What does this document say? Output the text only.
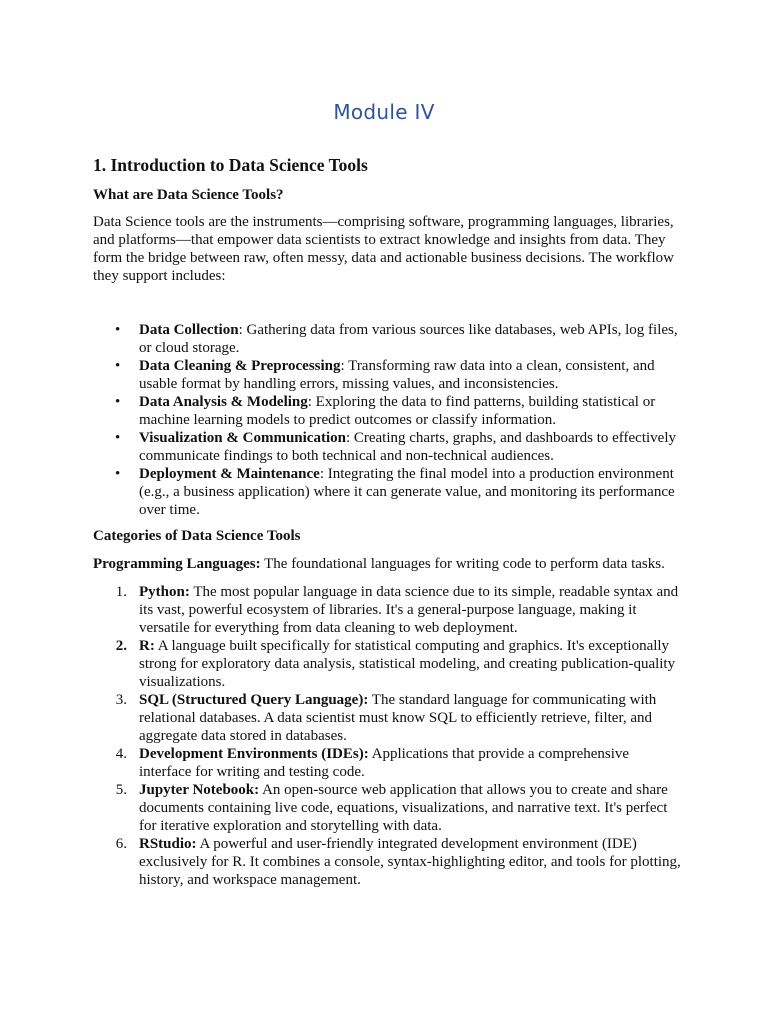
Module IV
1. Introduction to Data Science Tools
What are Data Science Tools?

Data Science tools are the instruments—comprising software, programming languages, libraries, and platforms—that empower data scientists to extract knowledge and insights from data. They form the bridge between raw, often messy, data and actionable business decisions. The workflow they support includes:

• Data Collection: Gathering data from various sources like databases, web APIs, log files, or cloud storage.
• Data Cleaning & Preprocessing: Transforming raw data into a clean, consistent, and usable format by handling errors, missing values, and inconsistencies.
• Data Analysis & Modeling: Exploring the data to find patterns, building statistical or machine learning models to predict outcomes or classify information.
• Visualization & Communication: Creating charts, graphs, and dashboards to effectively communicate findings to both technical and non-technical audiences.
• Deployment & Maintenance: Integrating the final model into a production environment (e.g., a business application) where it can generate value, and monitoring its performance over time.
Categories of Data Science Tools

Programming Languages: The foundational languages for writing code to perform data tasks.

1. Python: The most popular language in data science due to its simple, readable syntax and its vast, powerful ecosystem of libraries. It's a general-purpose language, making it versatile for everything from data cleaning to web deployment.
2. R: A language built specifically for statistical computing and graphics. It's exceptionally strong for exploratory data analysis, statistical modeling, and creating publication-quality visualizations.
3. SQL (Structured Query Language): The standard language for communicating with relational databases. A data scientist must know SQL to efficiently retrieve, filter, and aggregate data stored in databases.
4. Development Environments (IDEs): Applications that provide a comprehensive interface for writing and testing code.
5. Jupyter Notebook: An open-source web application that allows you to create and share documents containing live code, equations, visualizations, and narrative text. It's perfect for iterative exploration and storytelling with data.
6. RStudio: A powerful and user-friendly integrated development environment (IDE) exclusively for R. It combines a console, syntax-highlighting editor, and tools for plotting, history, and workspace management.
